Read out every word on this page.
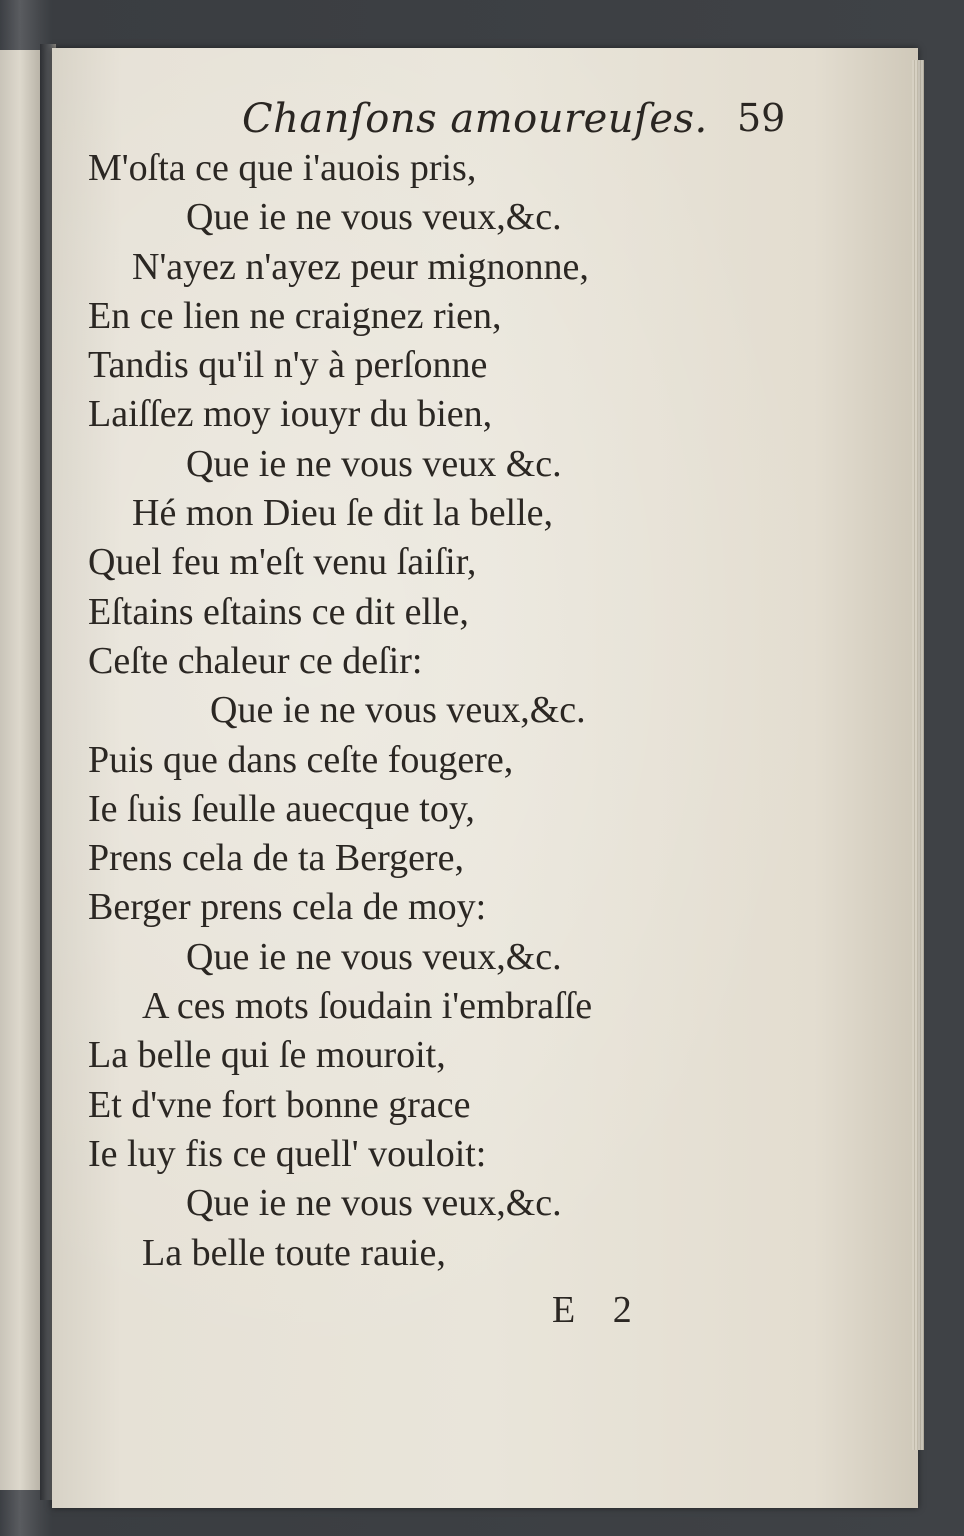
Chanſons amoureuſes. 59
M'oſta ce que i'auois pris,
Que ie ne vous veux,&c.
N'ayez n'ayez peur mignonne,
En ce lien ne craignez rien,
Tandis qu'il n'y à perſonne
Laiſſez moy iouyr du bien,
Que ie ne vous veux &c.
Hé mon Dieu ſe dit la belle,
Quel feu m'eſt venu ſaiſir,
Eſtains eſtains ce dit elle,
Ceſte chaleur ce deſir:
Que ie ne vous veux,&c.
Puis que dans ceſte fougere,
Ie ſuis ſeulle auecque toy,
Prens cela de ta Bergere,
Berger prens cela de moy:
Que ie ne vous veux,&c.
A ces mots ſoudain i'embraſſe
La belle qui ſe mouroit,
Et d'vne fort bonne grace
Ie luy fis ce quell' vouloit:
Que ie ne vous veux,&c.
La belle toute rauie,
E 2
